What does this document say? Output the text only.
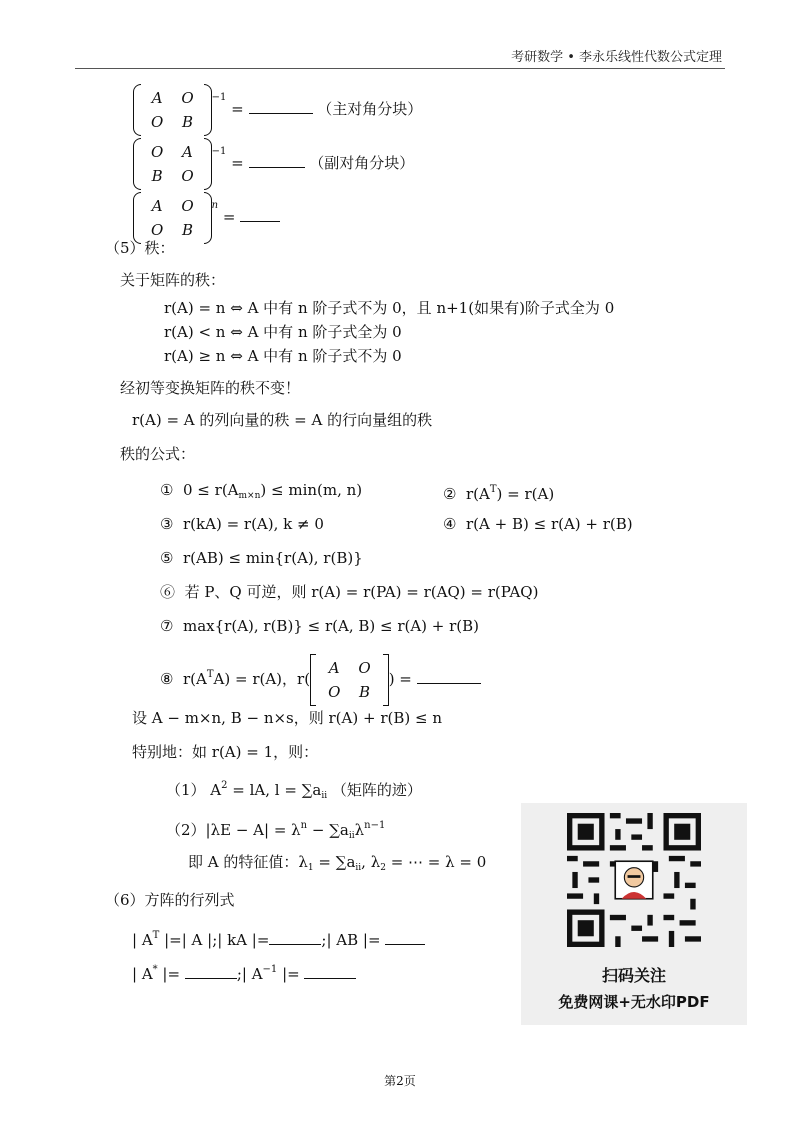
考研数学 • 李永乐线性代数公式定理
A	O
O	B
$^{-1}$ =	（主对角分块）
O	A
B	O
$^{-1}$ =	（副对角分块）
A	O
O	B
$^n$ =
（5）秩：
关于矩阵的秩：
r(A) = n ⇔ A 中有 n 阶子式不为 0，且 n+1(如果有)阶子式全为 0
r(A) < n ⇔ A 中有 n 阶子式全为 0
r(A) ≥ n ⇔ A 中有 n 阶子式不为 0
经初等变换矩阵的秩不变！
r(A) = A 的列向量的秩 = A 的行向量组的秩
秩的公式：
① $0 \le r(A_{m\times n}) \le \min(m$, n)	② $r(A^T) = r(A)$
③ r(kA) = r(A), k ≠ 0	④ r(A + B) ≤ r(A) + r(B)
⑤ r(AB) ≤ min{r(A), r(B)}
⑥ 若 P、Q 可逆，则 r(A) = r(PA) = r(AQ) = r(PAQ)
⑦ max{r(A), r(B)} ≤ r(A, B) ≤ r(A) + r(B)
⑧ $r(A^TA) = r(A)$，r(
A	O
O	B
) =
设 A − m×n, B − n×s，则 r(A) + r(B) ≤ n
特别地：如 r(A) = 1，则：
（1） $A^2$ = lA, $l = \sum a_{ii}$ （矩阵的迹）
$(2)|\lambda E - A| = \lambda^n - \sum a_{ii}\lambda^{n-1}$
即 A 的特征值：$\lambda_1 = \sum a_{ii}$, $\lambda_2$ = ⋯ = λ = 0
（6）方阵的行列式
| $A^T$ |=| A |;| kA |=	;| AB |=
| A* |=	;| $A^{-1}$ |=	扫码关注
免费网课+无水印PDF
第2页
